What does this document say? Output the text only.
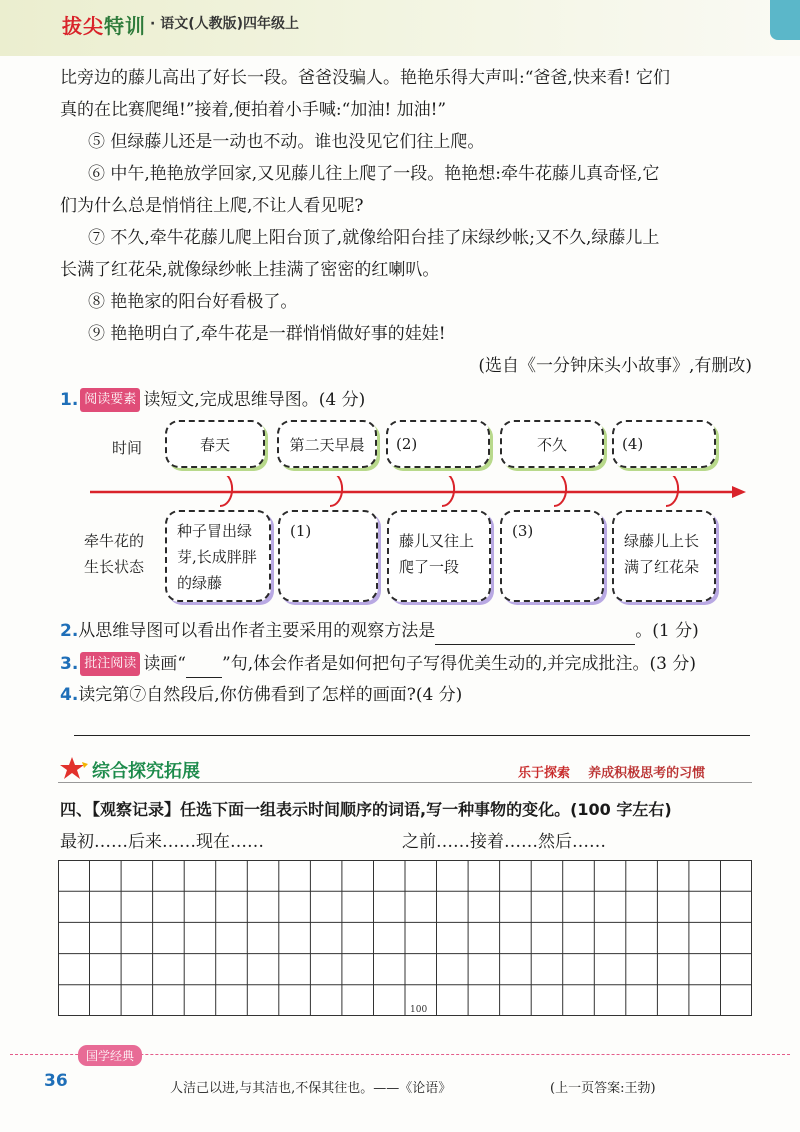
拔尖特训 · 语文(人教版)四年级上
比旁边的藤儿高出了好长一段。爸爸没骗人。艳艳乐得大声叫:“爸爸,快来看! 它们
真的在比赛爬绳!”接着,便拍着小手喊:“加油! 加油!”
⑤ 但绿藤儿还是一动也不动。谁也没见它们往上爬。
⑥ 中午,艳艳放学回家,又见藤儿往上爬了一段。艳艳想:牵牛花藤儿真奇怪,它
们为什么总是悄悄往上爬,不让人看见呢?
⑦ 不久,牵牛花藤儿爬上阳台顶了,就像给阳台挂了床绿纱帐;又不久,绿藤儿上
长满了红花朵,就像绿纱帐上挂满了密密的红喇叭。
⑧ 艳艳家的阳台好看极了。
⑨ 艳艳明白了,牵牛花是一群悄悄做好事的娃娃!
(选自《一分钟床头小故事》,有删改)
1. 阅读要素 读短文,完成思维导图。(4 分)
时间
牵牛花的
生长状态
春天	第二天早晨 (2)	不久	(4)
种子冒出绿芽,长成胖胖的绿藤
(1)
藤儿又往上爬了一段
(3)
绿藤儿上长满了红花朵
2.从思维导图可以看出作者主要采用的观察方法是	。(1 分)
3. 批注阅读 读画“ ”句,体会作者是如何把句子写得优美生动的,并完成批注。(3 分)
4.读完第⑦自然段后,你仿佛看到了怎样的画面?(4 分)
综合探究拓展	乐于探索 养成积极思考的习惯
四、【观察记录】任选下面一组表示时间顺序的词语,写一种事物的变化。(100 字左右)
最初……后来……现在……	之前……接着……然后……
100
国学经典
36	人洁己以进,与其洁也,不保其往也。——《论语》	(上一页答案:王勃)
